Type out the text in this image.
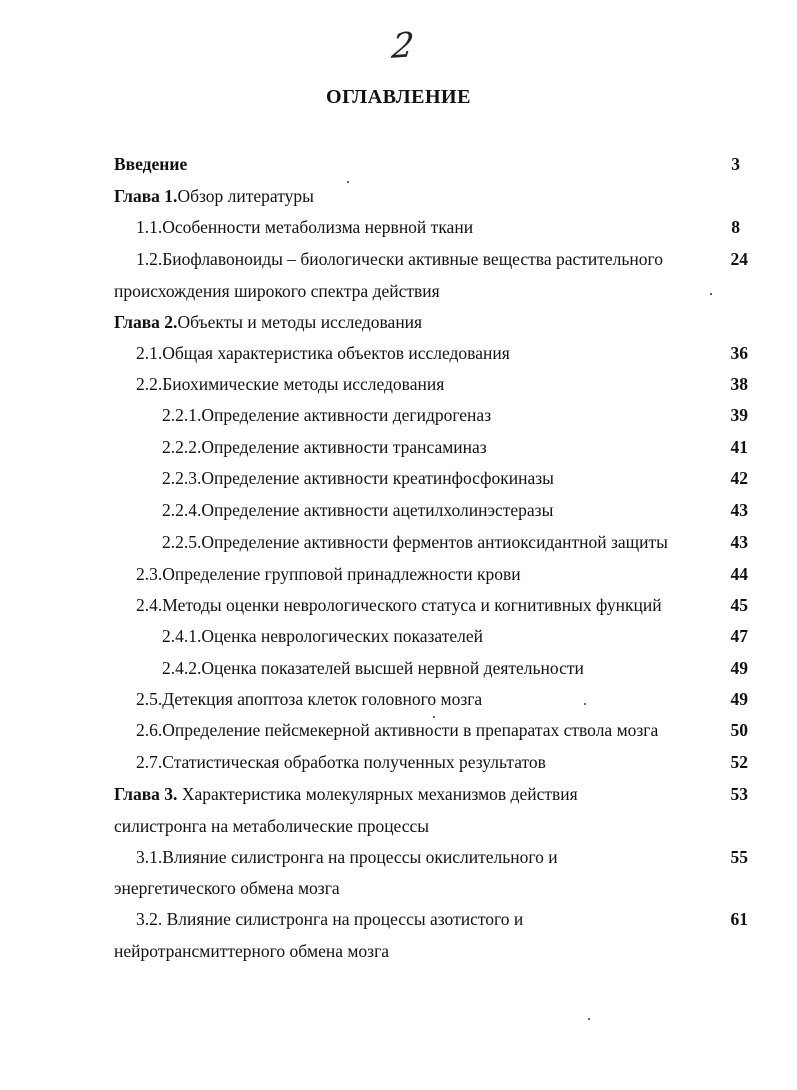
2
ОГЛАВЛЕНИЕ
Введение	3
Глава 1.Обзор литературы
1.1.Особенности метаболизма нервной ткани	8
1.2.Биофлавоноиды – биологически активные вещества растительного	24
происхождения широкого спектра действия
Глава 2.Объекты и методы исследования
2.1.Общая характеристика объектов исследования	36
2.2.Биохимические методы исследования	38
2.2.1.Определение активности дегидрогеназ	39
2.2.2.Определение активности трансаминаз	41
2.2.3.Определение активности креатинфосфокиназы	42
2.2.4.Определение активности ацетилхолинэстеразы	43
2.2.5.Определение активности ферментов антиоксидантной защиты	43
2.3.Определение групповой принадлежности крови	44
2.4.Методы оценки неврологического статуса и когнитивных функций	45
2.4.1.Оценка неврологических показателей	47
2.4.2.Оценка показателей высшей нервной деятельности	49
2.5.Детекция апоптоза клеток головного мозга	49
2.6.Определение пейсмекерной активности в препаратах ствола мозга	50
2.7.Статистическая обработка полученных результатов	52
Глава 3. Характеристика молекулярных механизмов действия	53
силистронга на метаболические процессы
3.1.Влияние силистронга на процессы окислительного и	55
энергетического обмена мозга
3.2. Влияние силистронга на процессы азотистого и	61
нейротрансмиттерного обмена мозга
